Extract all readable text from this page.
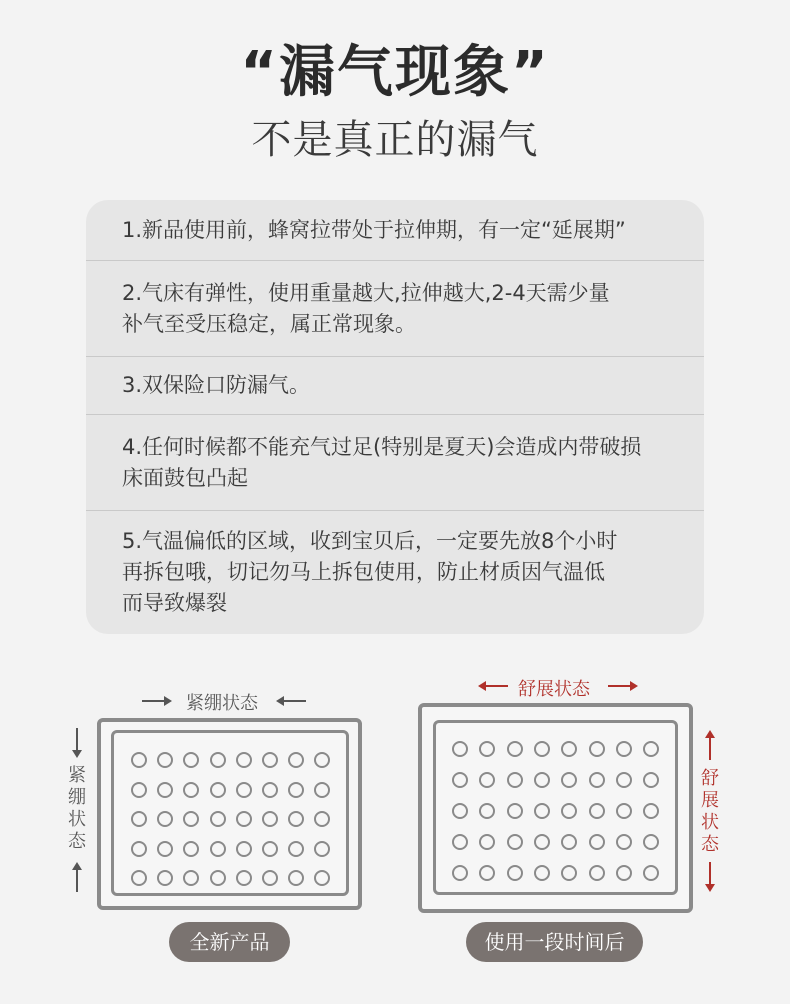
“漏气现象”
不是真正的漏气
1.新品使用前，蜂窝拉带处于拉伸期，有一定“延展期”
2.气床有弹性，使用重量越大,拉伸越大,2-4天需少量
补气至受压稳定，属正常现象。
3.双保险口防漏气。
4.任何时候都不能充气过足(特别是夏天)会造成内带破损
床面鼓包凸起
5.气温偏低的区域，收到宝贝后，一定要先放8个小时
再拆包哦，切记勿马上拆包使用，防止材质因气温低
而导致爆裂
紧绷状态
紧绷状态
全新产品
舒展状态
舒展状态
使用一段时间后
